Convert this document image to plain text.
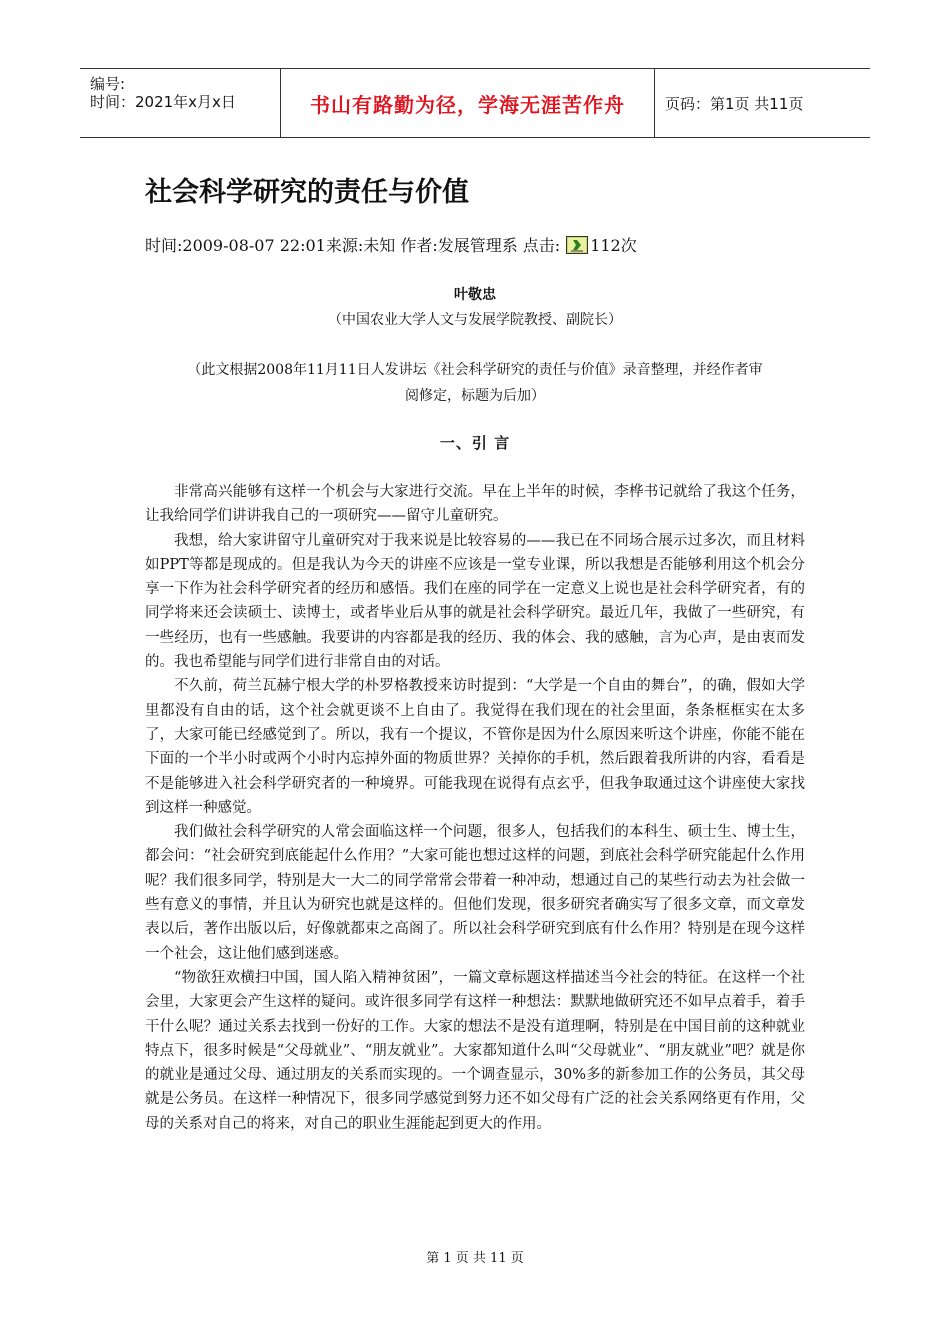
编号:
时间：2021年x月x日	书山有路勤为径，学海无涯苦作舟	页码：第1页 共11页
社会科学研究的责任与价值
时间:2009-08-07 22:01来源:未知 作者:发展管理系 点击: 112次
叶敬忠
（中国农业大学人文与发展学院教授、副院长）
（此文根据2008年11月11日人发讲坛《社会科学研究的责任与价值》录音整理，并经作者审
阅修定，标题为后加）
一、引 言

非常高兴能够有这样一个机会与大家进行交流。早在上半年的时候，李桦书记就给了我这个任务，让我给同学们讲讲我自己的一项研究——留守儿童研究。

我想，给大家讲留守儿童研究对于我来说是比较容易的——我已在不同场合展示过多次，而且材料如PPT等都是现成的。但是我认为今天的讲座不应该是一堂专业课，所以我想是否能够利用这个机会分享一下作为社会科学研究者的经历和感悟。我们在座的同学在一定意义上说也是社会科学研究者，有的同学将来还会读硕士、读博士，或者毕业后从事的就是社会科学研究。最近几年，我做了一些研究，有一些经历，也有一些感触。我要讲的内容都是我的经历、我的体会、我的感触，言为心声，是由衷而发的。我也希望能与同学们进行非常自由的对话。

不久前，荷兰瓦赫宁根大学的朴罗格教授来访时提到：“大学是一个自由的舞台”，的确，假如大学里都没有自由的话，这个社会就更谈不上自由了。我觉得在我们现在的社会里面，条条框框实在太多了，大家可能已经感觉到了。所以，我有一个提议，不管你是因为什么原因来听这个讲座，你能不能在下面的一个半小时或两个小时内忘掉外面的物质世界？关掉你的手机，然后跟着我所讲的内容，看看是不是能够进入社会科学研究者的一种境界。可能我现在说得有点玄乎，但我争取通过这个讲座使大家找到这样一种感觉。

我们做社会科学研究的人常会面临这样一个问题，很多人，包括我们的本科生、硕士生、博士生，都会问：“社会研究到底能起什么作用？”大家可能也想过这样的问题，到底社会科学研究能起什么作用呢？我们很多同学，特别是大一大二的同学常常会带着一种冲动，想通过自己的某些行动去为社会做一些有意义的事情，并且认为研究也就是这样的。但他们发现，很多研究者确实写了很多文章，而文章发表以后，著作出版以后，好像就都束之高阁了。所以社会科学研究到底有什么作用？特别是在现今这样一个社会，这让他们感到迷惑。

“物欲狂欢横扫中国，国人陷入精神贫困”，一篇文章标题这样描述当今社会的特征。在这样一个社会里，大家更会产生这样的疑问。或许很多同学有这样一种想法：默默地做研究还不如早点着手，着手干什么呢？通过关系去找到一份好的工作。大家的想法不是没有道理啊，特别是在中国目前的这种就业特点下，很多时候是“父母就业”、“朋友就业”。大家都知道什么叫“父母就业”、“朋友就业”吧？就是你的就业是通过父母、通过朋友的关系而实现的。一个调查显示，30%多的新参加工作的公务员，其父母就是公务员。在这样一种情况下，很多同学感觉到努力还不如父母有广泛的社会关系网络更有作用，父母的关系对自己的将来，对自己的职业生涯能起到更大的作用。

第 1 页 共 11 页
